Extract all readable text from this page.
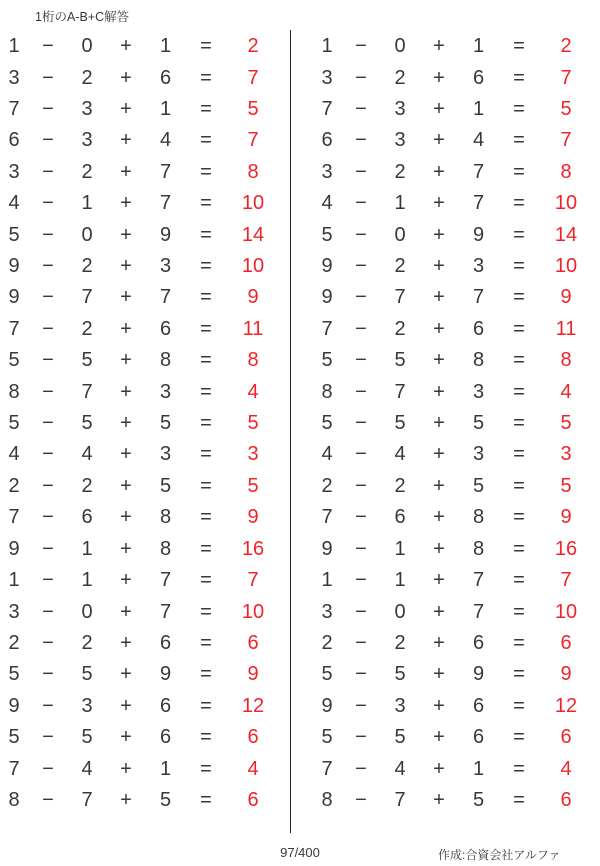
1桁のA-B+C解答
1	−	0	+	1	=	2
3	−	2	+	6	=	7
7	−	3	+	1	=	5
6	−	3	+	4	=	7
3	−	2	+	7	=	8
4	−	1	+	7	=	10
5	−	0	+	9	=	14
9	−	2	+	3	=	10
9	−	7	+	7	=	9
7	−	2	+	6	=	11
5	−	5	+	8	=	8
8	−	7	+	3	=	4
5	−	5	+	5	=	5
4	−	4	+	3	=	3
2	−	2	+	5	=	5
7	−	6	+	8	=	9
9	−	1	+	8	=	16
1	−	1	+	7	=	7
3	−	0	+	7	=	10
2	−	2	+	6	=	6
5	−	5	+	9	=	9
9	−	3	+	6	=	12
5	−	5	+	6	=	6
7	−	4	+	1	=	4
8	−	7	+	5	=	6
1	−	0	+	1	=	2
3	−	2	+	6	=	7
7	−	3	+	1	=	5
6	−	3	+	4	=	7
3	−	2	+	7	=	8
4	−	1	+	7	=	10
5	−	0	+	9	=	14
9	−	2	+	3	=	10
9	−	7	+	7	=	9
7	−	2	+	6	=	11
5	−	5	+	8	=	8
8	−	7	+	3	=	4
5	−	5	+	5	=	5
4	−	4	+	3	=	3
2	−	2	+	5	=	5
7	−	6	+	8	=	9
9	−	1	+	8	=	16
1	−	1	+	7	=	7
3	−	0	+	7	=	10
2	−	2	+	6	=	6
5	−	5	+	9	=	9
9	−	3	+	6	=	12
5	−	5	+	6	=	6
7	−	4	+	1	=	4
8	−	7	+	5	=	6
97/400	作成:合資会社アルファ
